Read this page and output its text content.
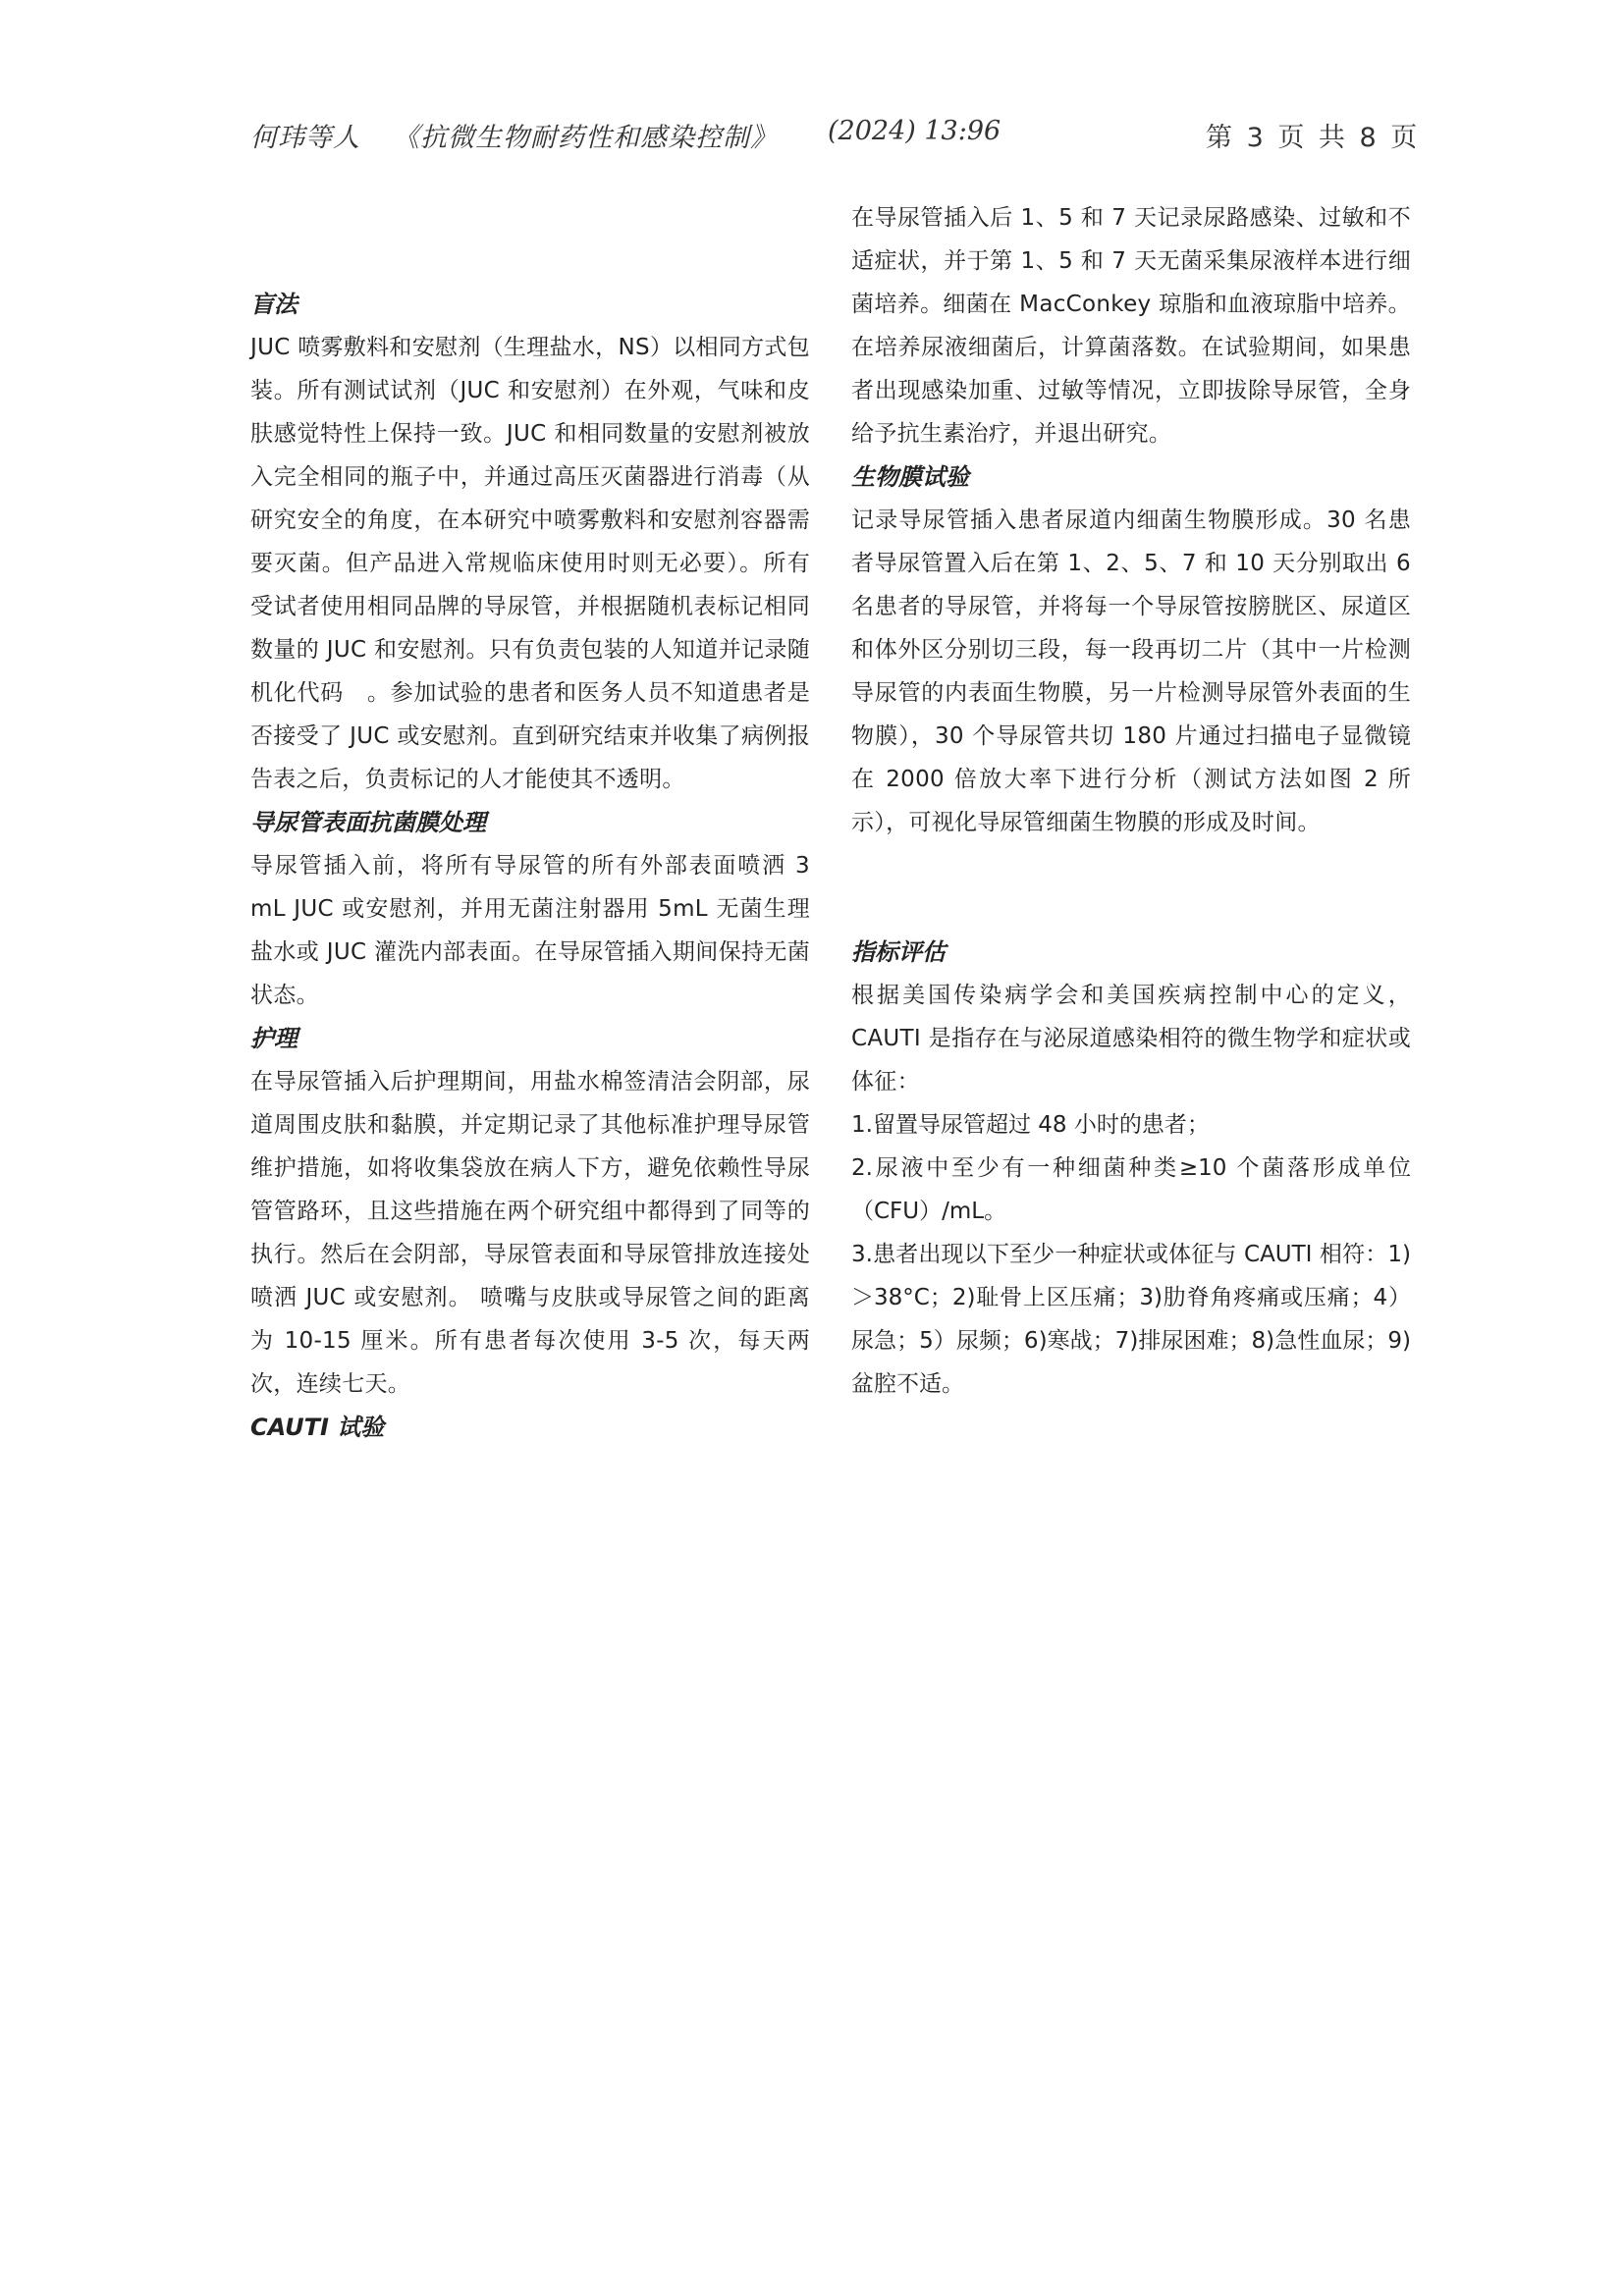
何玮等人 《抗微生物耐药性和感染控制》 (2024) 13:96	第 3 页 共 8 页
盲法

JUC 喷雾敷料和安慰剂（生理盐水，NS）以相同方式包装。所有测试试剂（JUC 和安慰剂）在外观，气味和皮肤感觉特性上保持一致。JUC 和相同数量的安慰剂被放入完全相同的瓶子中，并通过高压灭菌器进行消毒（从研究安全的角度，在本研究中喷雾敷料和安慰剂容器需要灭菌。但产品进入常规临床使用时则无必要）。所有受试者使用相同品牌的导尿管，并根据随机表标记相同数量的 JUC 和安慰剂。只有负责包装的人知道并记录随机化代码　。参加试验的患者和医务人员不知道患者是否接受了 JUC 或安慰剂。直到研究结束并收集了病例报告表之后，负责标记的人才能使其不透明。

导尿管表面抗菌膜处理

导尿管插入前，将所有导尿管的所有外部表面喷洒 3 mL JUC 或安慰剂，并用无菌注射器用 5mL 无菌生理盐水或 JUC 灌洗内部表面。在导尿管插入期间保持无菌状态。

护理

在导尿管插入后护理期间，用盐水棉签清洁会阴部，尿道周围皮肤和黏膜，并定期记录了其他标准护理导尿管维护措施，如将收集袋放在病人下方，避免依赖性导尿管管路环，且这些措施在两个研究组中都得到了同等的执行。然后在会阴部，导尿管表面和导尿管排放连接处喷洒 JUC 或安慰剂。 喷嘴与皮肤或导尿管之间的距离为 10-15 厘米。所有患者每次使用 3-5 次，每天两次，连续七天。

CAUTI 试验

在导尿管插入后 1、5 和 7 天记录尿路感染、过敏和不适症状，并于第 1、5 和 7 天无菌采集尿液样本进行细菌培养。细菌在 MacConkey 琼脂和血液琼脂中培养。在培养尿液细菌后，计算菌落数。在试验期间，如果患者出现感染加重、过敏等情况，立即拔除导尿管，全身给予抗生素治疗，并退出研究。

生物膜试验

记录导尿管插入患者尿道内细菌生物膜形成。30 名患者导尿管置入后在第 1、2、5、7 和 10 天分别取出 6 名患者的导尿管，并将每一个导尿管按膀胱区、尿道区和体外区分别切三段，每一段再切二片（其中一片检测导尿管的内表面生物膜，另一片检测导尿管外表面的生物膜），30 个导尿管共切 180 片通过扫描电子显微镜在 2000 倍放大率下进行分析（测试方法如图 2 所示），可视化导尿管细菌生物膜的形成及时间。

指标评估

根据美国传染病学会和美国疾病控制中心的定义，CAUTI 是指存在与泌尿道感染相符的微生物学和症状或体征：

1.留置导尿管超过 48 小时的患者；

2.尿液中至少有一种细菌种类≥10 个菌落形成单位（CFU）/mL。

3.患者出现以下至少一种症状或体征与 CAUTI 相符：1)＞38°C；2)耻骨上区压痛；3)肋脊角疼痛或压痛；4）尿急；5）尿频；6)寒战；7)排尿困难；8)急性血尿；9)盆腔不适。
